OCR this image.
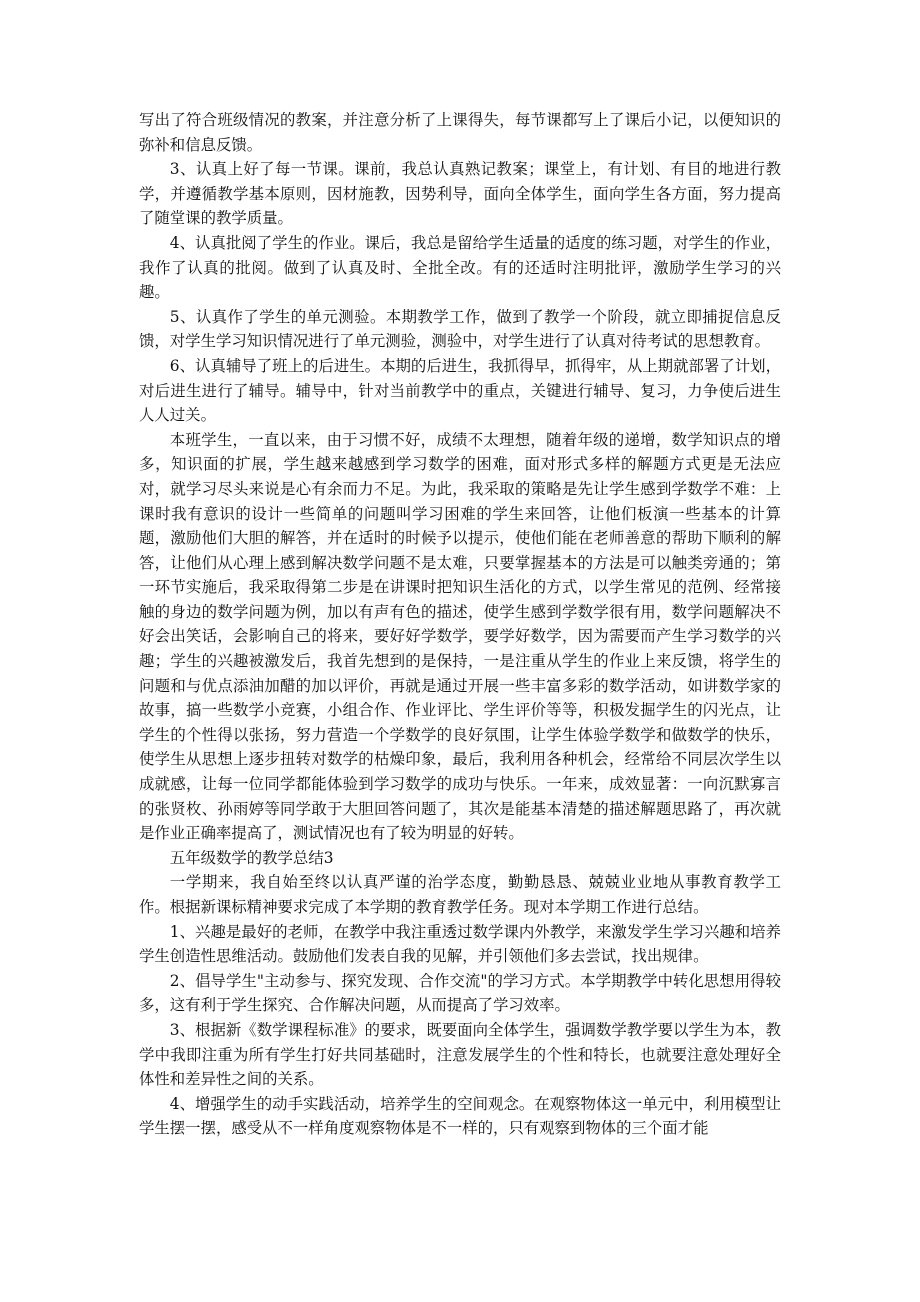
写出了符合班级情况的教案，并注意分析了上课得失，每节课都写上了课后小记，以便知识的弥补和信息反馈。

3、认真上好了每一节课。课前，我总认真熟记教案；课堂上，有计划、有目的地进行教学，并遵循教学基本原则，因材施教，因势利导，面向全体学生，面向学生各方面，努力提高了随堂课的教学质量。

4、认真批阅了学生的作业。课后，我总是留给学生适量的适度的练习题，对学生的作业，我作了认真的批阅。做到了认真及时、全批全改。有的还适时注明批评，激励学生学习的兴趣。

5、认真作了学生的单元测验。本期教学工作，做到了教学一个阶段，就立即捕捉信息反馈，对学生学习知识情况进行了单元测验，测验中，对学生进行了认真对待考试的思想教育。

6、认真辅导了班上的后进生。本期的后进生，我抓得早，抓得牢，从上期就部署了计划，对后进生进行了辅导。辅导中，针对当前教学中的重点，关键进行辅导、复习，力争使后进生人人过关。

本班学生，一直以来，由于习惯不好，成绩不太理想，随着年级的递增，数学知识点的增多，知识面的扩展，学生越来越感到学习数学的困难，面对形式多样的解题方式更是无法应对，就学习尽头来说是心有余而力不足。为此，我采取的策略是先让学生感到学数学不难：上课时我有意识的设计一些简单的问题叫学习困难的学生来回答，让他们板演一些基本的计算题，激励他们大胆的解答，并在适时的时候予以提示，使他们能在老师善意的帮助下顺利的解答，让他们从心理上感到解决数学问题不是太难，只要掌握基本的方法是可以触类旁通的；第一环节实施后，我采取得第二步是在讲课时把知识生活化的方式，以学生常见的范例、经常接触的身边的数学问题为例，加以有声有色的描述，使学生感到学数学很有用，数学问题解决不好会出笑话，会影响自己的将来，要好好学数学，要学好数学，因为需要而产生学习数学的兴趣；学生的兴趣被激发后，我首先想到的是保持，一是注重从学生的作业上来反馈，将学生的问题和与优点添油加醋的加以评价，再就是通过开展一些丰富多彩的数学活动，如讲数学家的故事，搞一些数学小竞赛，小组合作、作业评比、学生评价等等，积极发掘学生的闪光点，让学生的个性得以张扬，努力营造一个学数学的良好氛围，让学生体验学数学和做数学的快乐，使学生从思想上逐步扭转对数学的枯燥印象，最后，我利用各种机会，经常给不同层次学生以成就感，让每一位同学都能体验到学习数学的成功与快乐。一年来，成效显著：一向沉默寡言的张贤枚、孙雨婷等同学敢于大胆回答问题了，其次是能基本清楚的描述解题思路了，再次就是作业正确率提高了，测试情况也有了较为明显的好转。

五年级数学的教学总结3

一学期来，我自始至终以认真严谨的治学态度，勤勤恳恳、兢兢业业地从事教育教学工作。根据新课标精神要求完成了本学期的教育教学任务。现对本学期工作进行总结。

1、兴趣是最好的老师，在教学中我注重透过数学课内外教学，来激发学生学习兴趣和培养学生创造性思维活动。鼓励他们发表自我的见解，并引领他们多去尝试，找出规律。

2、倡导学生"主动参与、探究发现、合作交流"的学习方式。本学期教学中转化思想用得较多，这有利于学生探究、合作解决问题，从而提高了学习效率。

3、根据新《数学课程标准》的要求，既要面向全体学生，强调数学教学要以学生为本，教学中我即注重为所有学生打好共同基础时，注意发展学生的个性和特长，也就要注意处理好全体性和差异性之间的关系。

4、增强学生的动手实践活动，培养学生的空间观念。在观察物体这一单元中，利用模型让学生摆一摆，感受从不一样角度观察物体是不一样的，只有观察到物体的三个面才能
